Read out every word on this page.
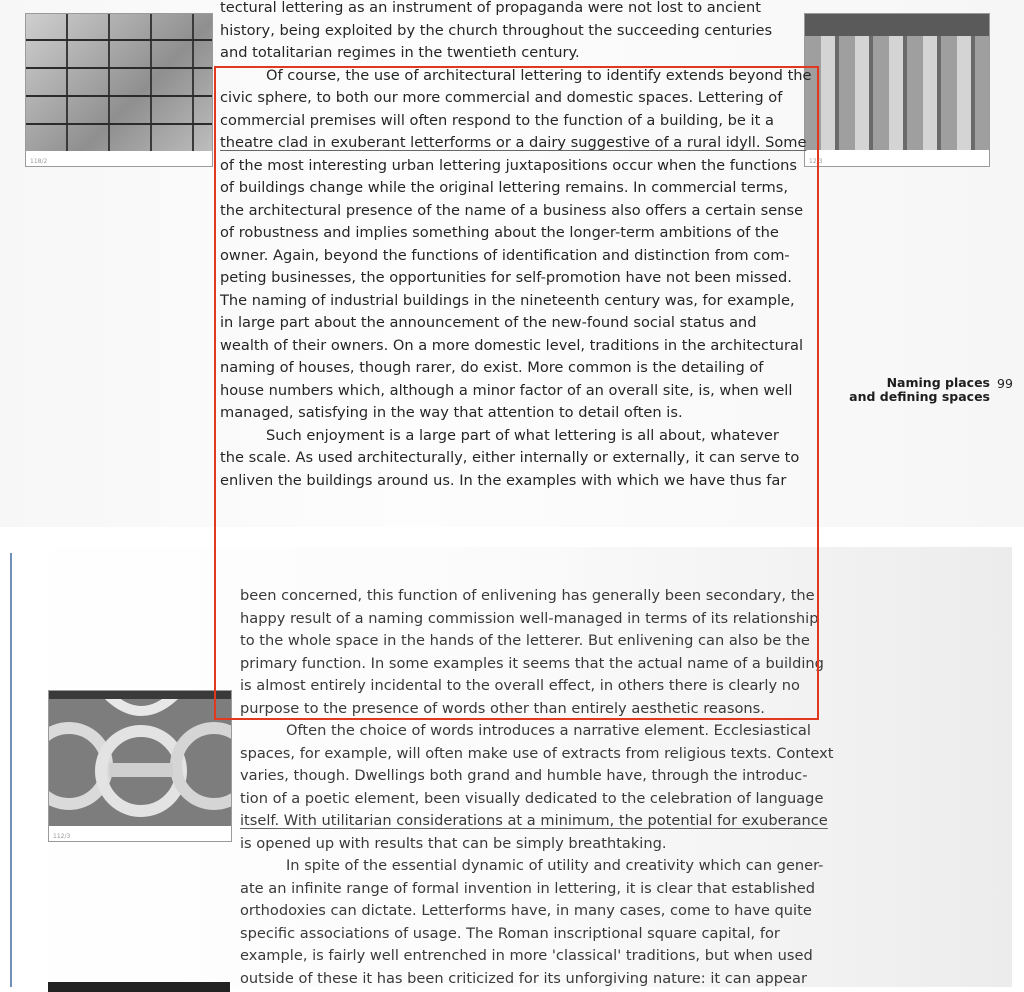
118/2	12/3
112/3
Naming places
and defining spaces
99
tectural lettering as an instrument of propaganda were not lost to ancient
history, being exploited by the church throughout the succeeding centuries
and totalitarian regimes in the twentieth century.
Of course, the use of architectural lettering to identify extends beyond the
civic sphere, to both our more commercial and domestic spaces. Lettering of
commercial premises will often respond to the function of a building, be it a
theatre clad in exuberant letterforms or a dairy suggestive of a rural idyll. Some
of the most interesting urban lettering juxtapositions occur when the functions
of buildings change while the original lettering remains. In commercial terms,
the architectural presence of the name of a business also offers a certain sense
of robustness and implies something about the longer-term ambitions of the
owner. Again, beyond the functions of identification and distinction from com-
peting businesses, the opportunities for self-promotion have not been missed.
The naming of industrial buildings in the nineteenth century was, for example,
in large part about the announcement of the new-found social status and
wealth of their owners. On a more domestic level, traditions in the architectural
naming of houses, though rarer, do exist. More common is the detailing of
house numbers which, although a minor factor of an overall site, is, when well
managed, satisfying in the way that attention to detail often is.
Such enjoyment is a large part of what lettering is all about, whatever
the scale. As used architecturally, either internally or externally, it can serve to
enliven the buildings around us. In the examples with which we have thus far
been concerned, this function of enlivening has generally been secondary, the
happy result of a naming commission well-managed in terms of its relationship
to the whole space in the hands of the letterer. But enlivening can also be the
primary function. In some examples it seems that the actual name of a building
is almost entirely incidental to the overall effect, in others there is clearly no
purpose to the presence of words other than entirely aesthetic reasons.
Often the choice of words introduces a narrative element. Ecclesiastical
spaces, for example, will often make use of extracts from religious texts. Context
varies, though. Dwellings both grand and humble have, through the introduc-
tion of a poetic element, been visually dedicated to the celebration of language
itself. With utilitarian considerations at a minimum, the potential for exuberance
is opened up with results that can be simply breathtaking.
In spite of the essential dynamic of utility and creativity which can gener-
ate an infinite range of formal invention in lettering, it is clear that established
orthodoxies can dictate. Letterforms have, in many cases, come to have quite
specific associations of usage. The Roman inscriptional square capital, for
example, is fairly well entrenched in more 'classical' traditions, but when used
outside of these it has been criticized for its unforgiving nature: it can appear
